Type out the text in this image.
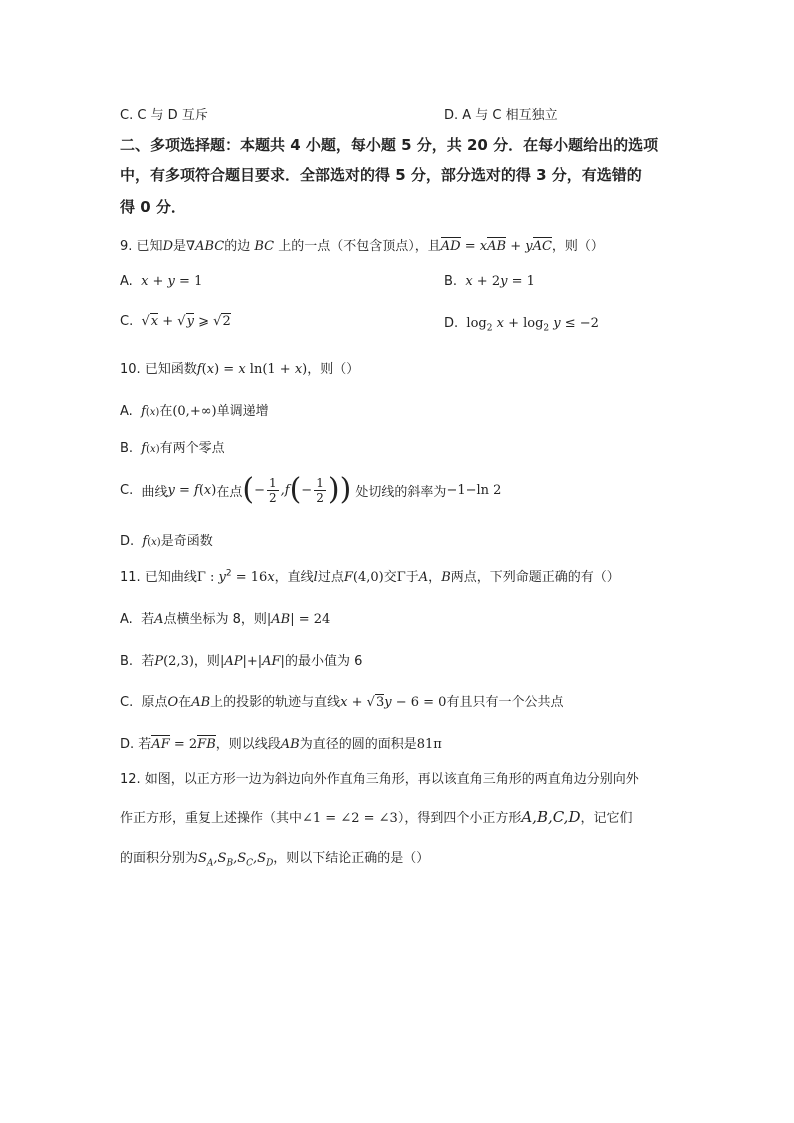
C. C 与 D 互斥	D. A 与 C 相互独立
二、多项选择题：本题共 4 小题，每小题 5 分，共 20 分．在每小题给出的选项
中，有多项符合题目要求．全部选对的得 5 分，部分选对的得 3 分，有选错的
得 0 分．
9. 已知D是∇ABC的边 BC 上的一点（不包含顶点），且AD = xAB + yAC，则（）
A. x + y = 1	B. x + 2y = 1
C. √x + √y ⩾ √2	D. $\log_2 x + \log_2 y \le -2$
10. 已知函数f(x) = x ln(1 + x)，则（）
A. f(x)在(0,+∞)单调递增
B. f(x)有两个零点
C.
曲线 y = f ( x ) 在点 ( − $\frac{1}{2} ,f$ ( − $\frac{1}{2}$ ) )
处切线的斜率为 −1−ln 2
D. f(x)是奇函数
11. 已知曲线Γ : $y^2 = 16x$，直线l过点F(4,0)交Γ于A，B两点，下列命题正确的有（）
A. 若A点横坐标为 8，则|AB| = 24
B. 若P(2,3)，则|AP|+|AF|的最小值为 6
C. 原点O在AB上的投影的轨迹与直线x + √3y − 6 = 0有且只有一个公共点
D. 若AF = 2FB，则以线段AB为直径的圆的面积是81π
12. 如图，以正方形一边为斜边向外作直角三角形，再以该直角三角形的两直角边分别向外
作正方形，重复上述操作（其中∠1 = ∠2 = ∠3），得到四个小正方形A,B,C,D，记它们
的面积分别为$S_A,S_B,S_C,S_D$，则以下结论正确的是（）
